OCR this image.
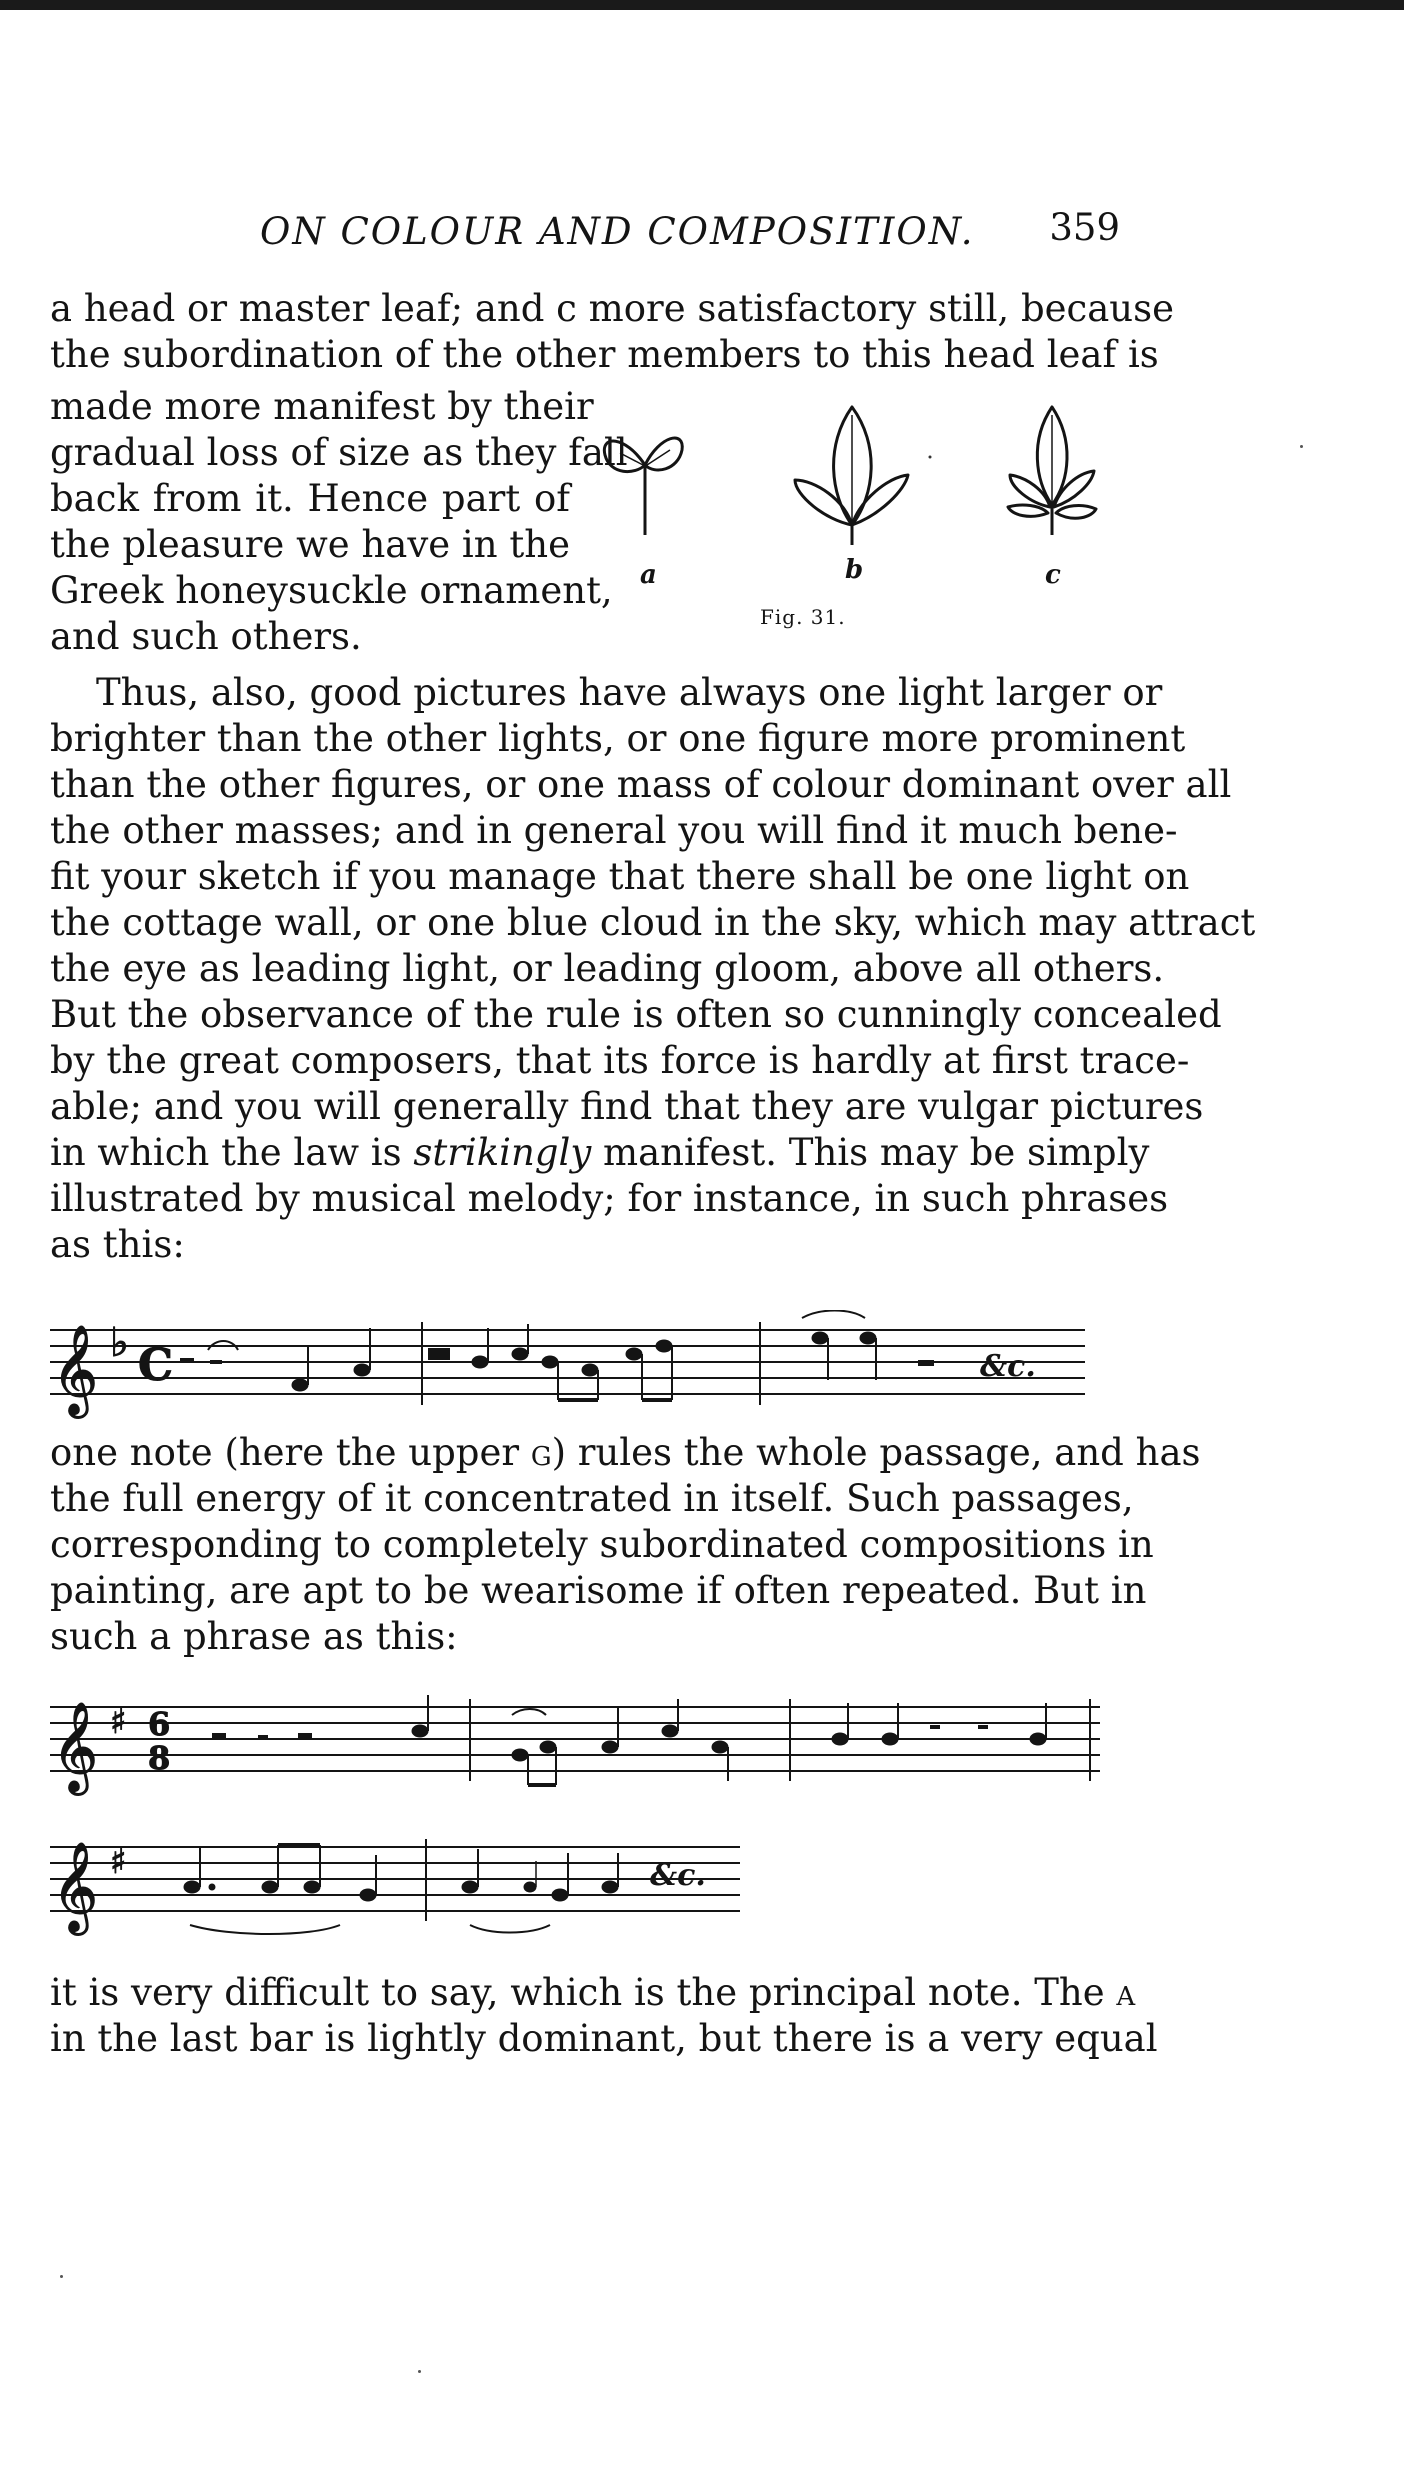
ON COLOUR AND COMPOSITION. 359
a head or master leaf; and c more satisfactory still, because
the subordination of the other members to this head leaf is
made more manifest by their
gradual loss of size as they fall
back from it. Hence part of
the pleasure we have in the
Greek honeysuckle ornament,
and such others.
a	b	c
Fig. 31.
Thus, also, good pictures have always one light larger or
brighter than the other lights, or one figure more prominent
than the other figures, or one mass of colour dominant over all
the other masses; and in general you will find it much bene-
fit your sketch if you manage that there shall be one light on
the cottage wall, or one blue cloud in the sky, which may attract
the eye as leading light, or leading gloom, above all others.
But the observance of the rule is often so cunningly concealed
by the great composers, that its force is hardly at first trace-
able; and you will generally find that they are vulgar pictures
in which the law is strikingly manifest. This may be simply
illustrated by musical melody; for instance, in such phrases
as this:
𝄞 ♭ C	&c.
one note (here the upper g) rules the whole passage, and has
the full energy of it concentrated in itself. Such passages,
corresponding to completely subordinated compositions in
painting, are apt to be wearisome if often repeated. But in
such a phrase as this:
𝄞 ♯ 6
8
𝄞 ♯	&c.
it is very difficult to say, which is the principal note. The a
in the last bar is lightly dominant, but there is a very equal
